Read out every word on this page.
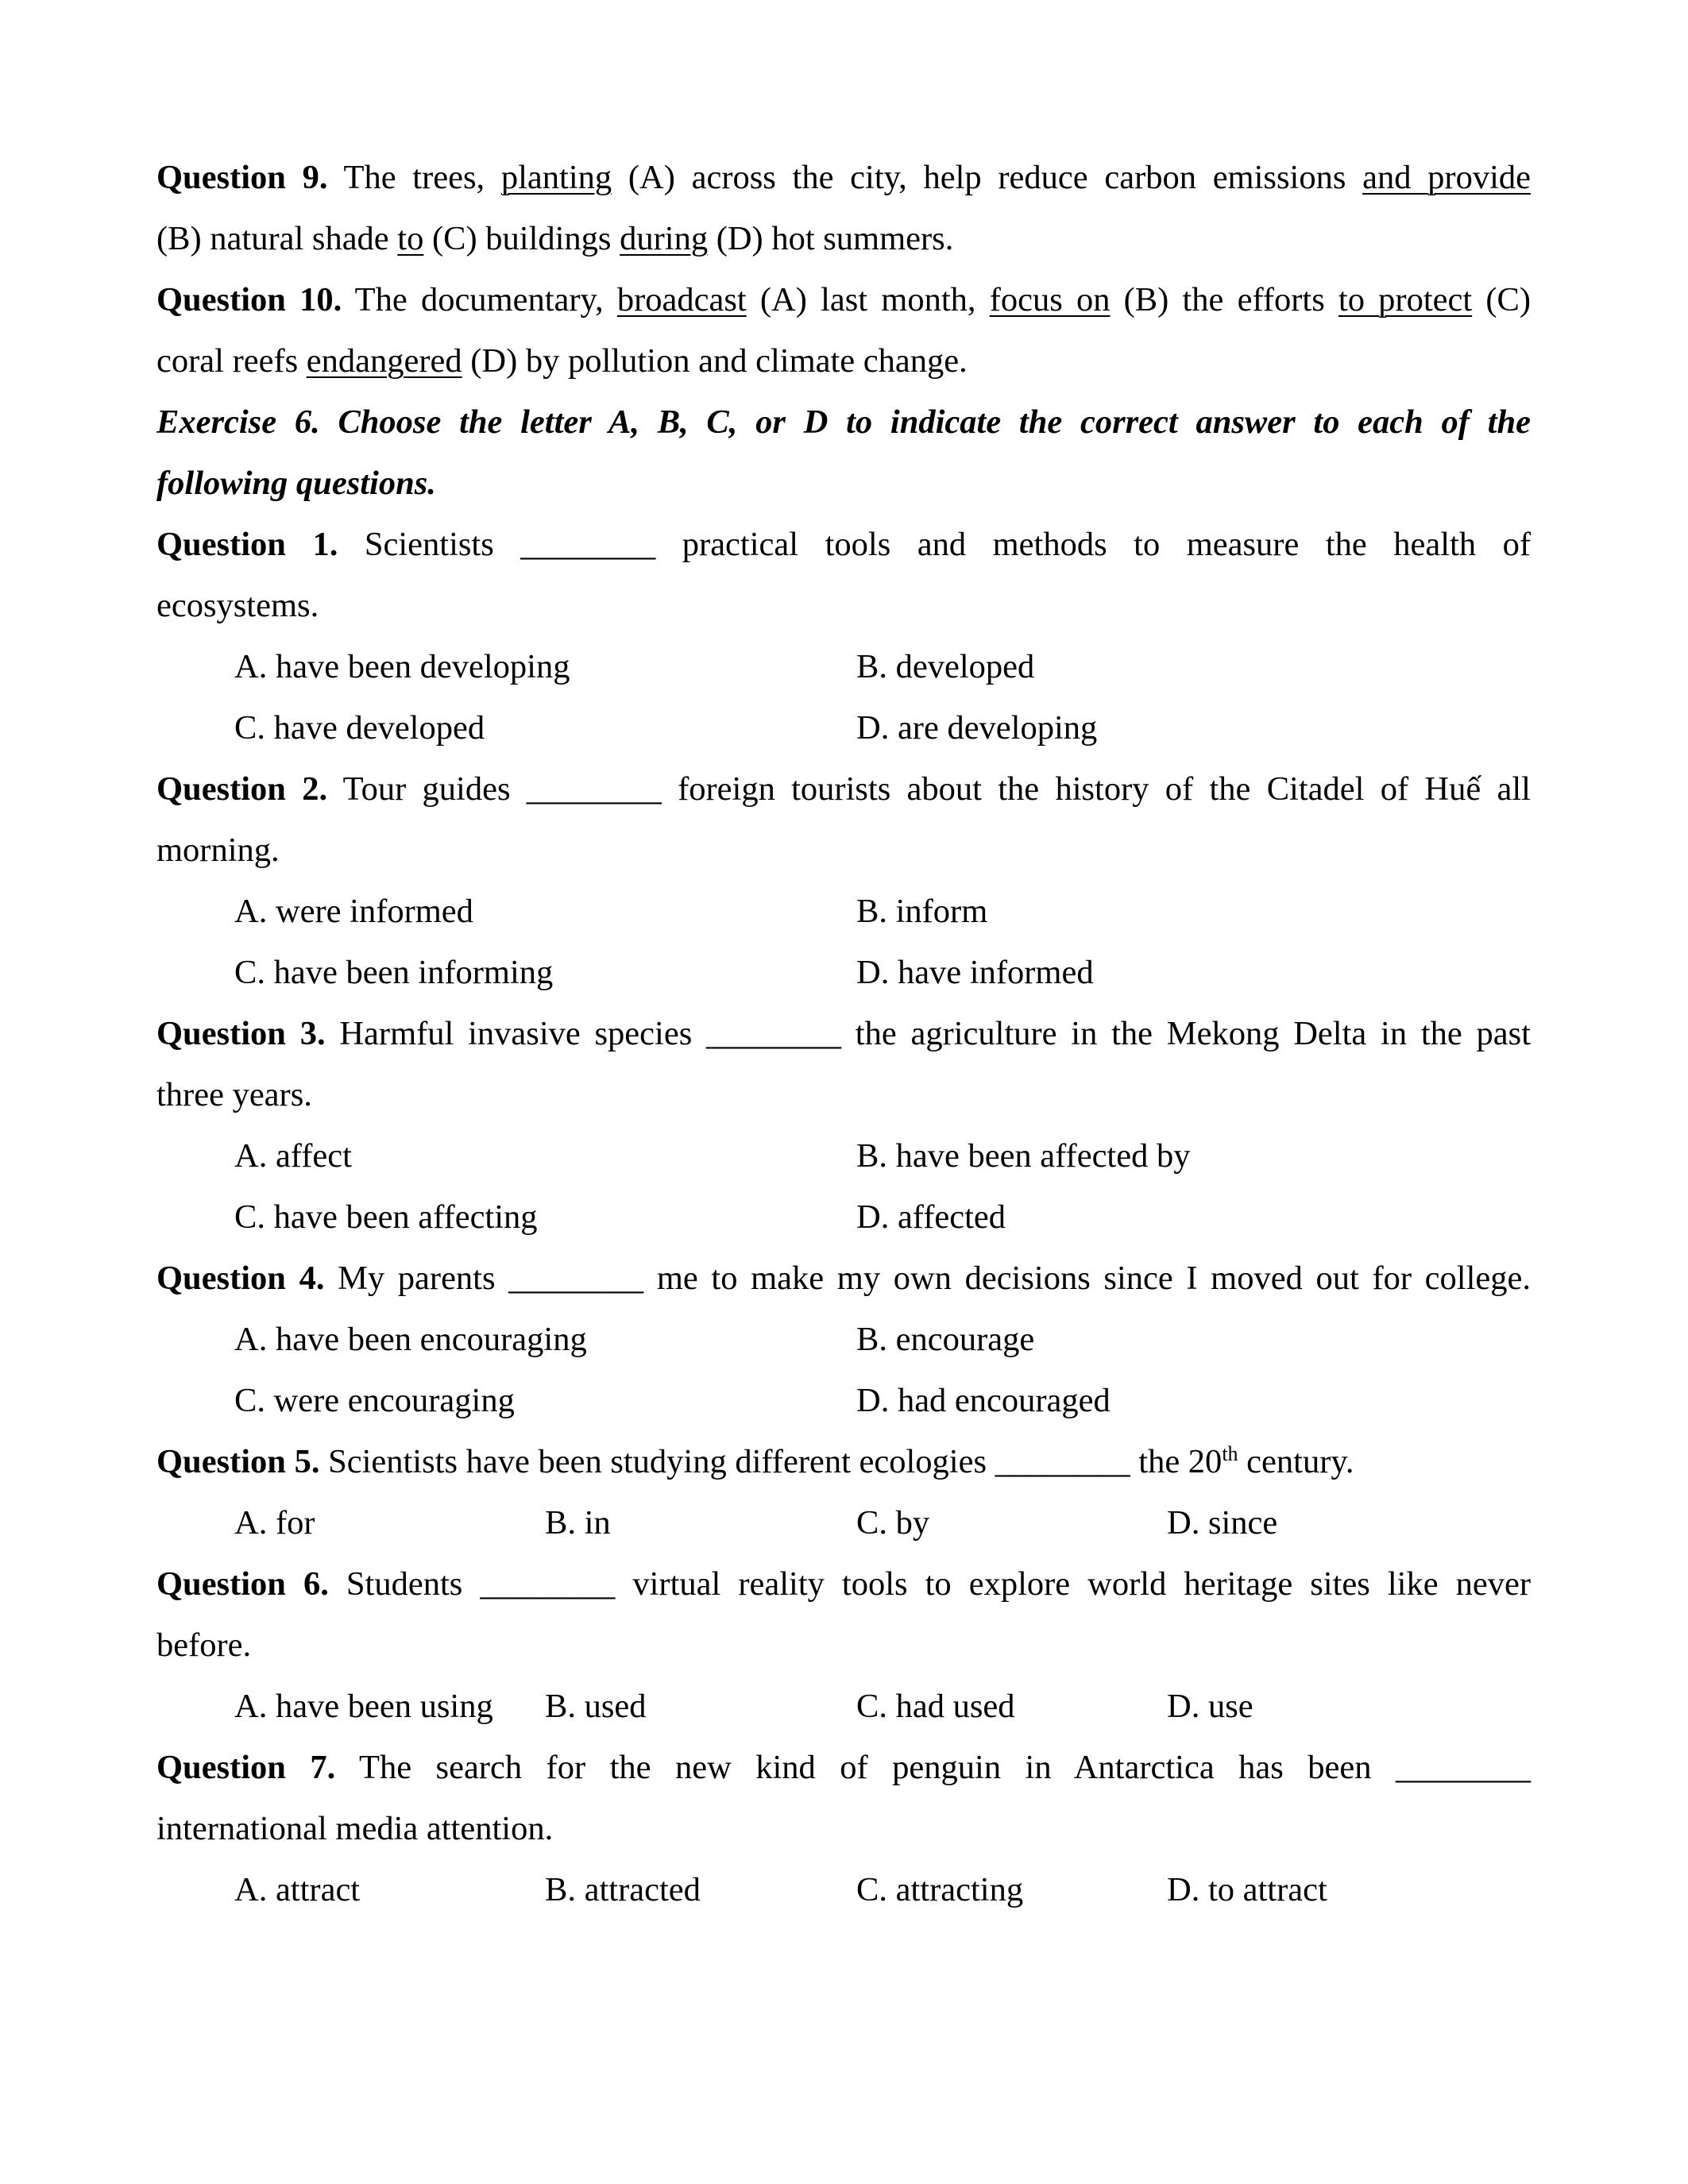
Question 9. The trees, planting (A) across the city, help reduce carbon emissions and provide

(B) natural shade to (C) buildings during (D) hot summers.

Question 10. The documentary, broadcast (A) last month, focus on (B) the efforts to protect (C)

coral reefs endangered (D) by pollution and climate change.

Exercise 6. Choose the letter A, B, C, or D to indicate the correct answer to each of the

following questions.

Question 1. Scientists ________ practical tools and methods to measure the health of

ecosystems.

A. have been developing	B. developed
C. have developed	D. are developing

Question 2. Tour guides ________ foreign tourists about the history of the Citadel of Huế all

morning.

A. were informed	B. inform
C. have been informing	D. have informed

Question 3. Harmful invasive species ________ the agriculture in the Mekong Delta in the past

three years.

A. affect	B. have been affected by
C. have been affecting	D. affected

Question 4. My parents ________ me to make my own decisions since I moved out for college.

A. have been encouraging	B. encourage
C. were encouraging	D. had encouraged

Question 5. Scientists have been studying different ecologies ________ the 20th century.

A. for	B. in	C. by	D. since

Question 6. Students ________ virtual reality tools to explore world heritage sites like never

before.

A. have been using B. used	C. had used	D. use

Question 7. The search for the new kind of penguin in Antarctica has been ________

international media attention.

A. attract	B. attracted	C. attracting	D. to attract
